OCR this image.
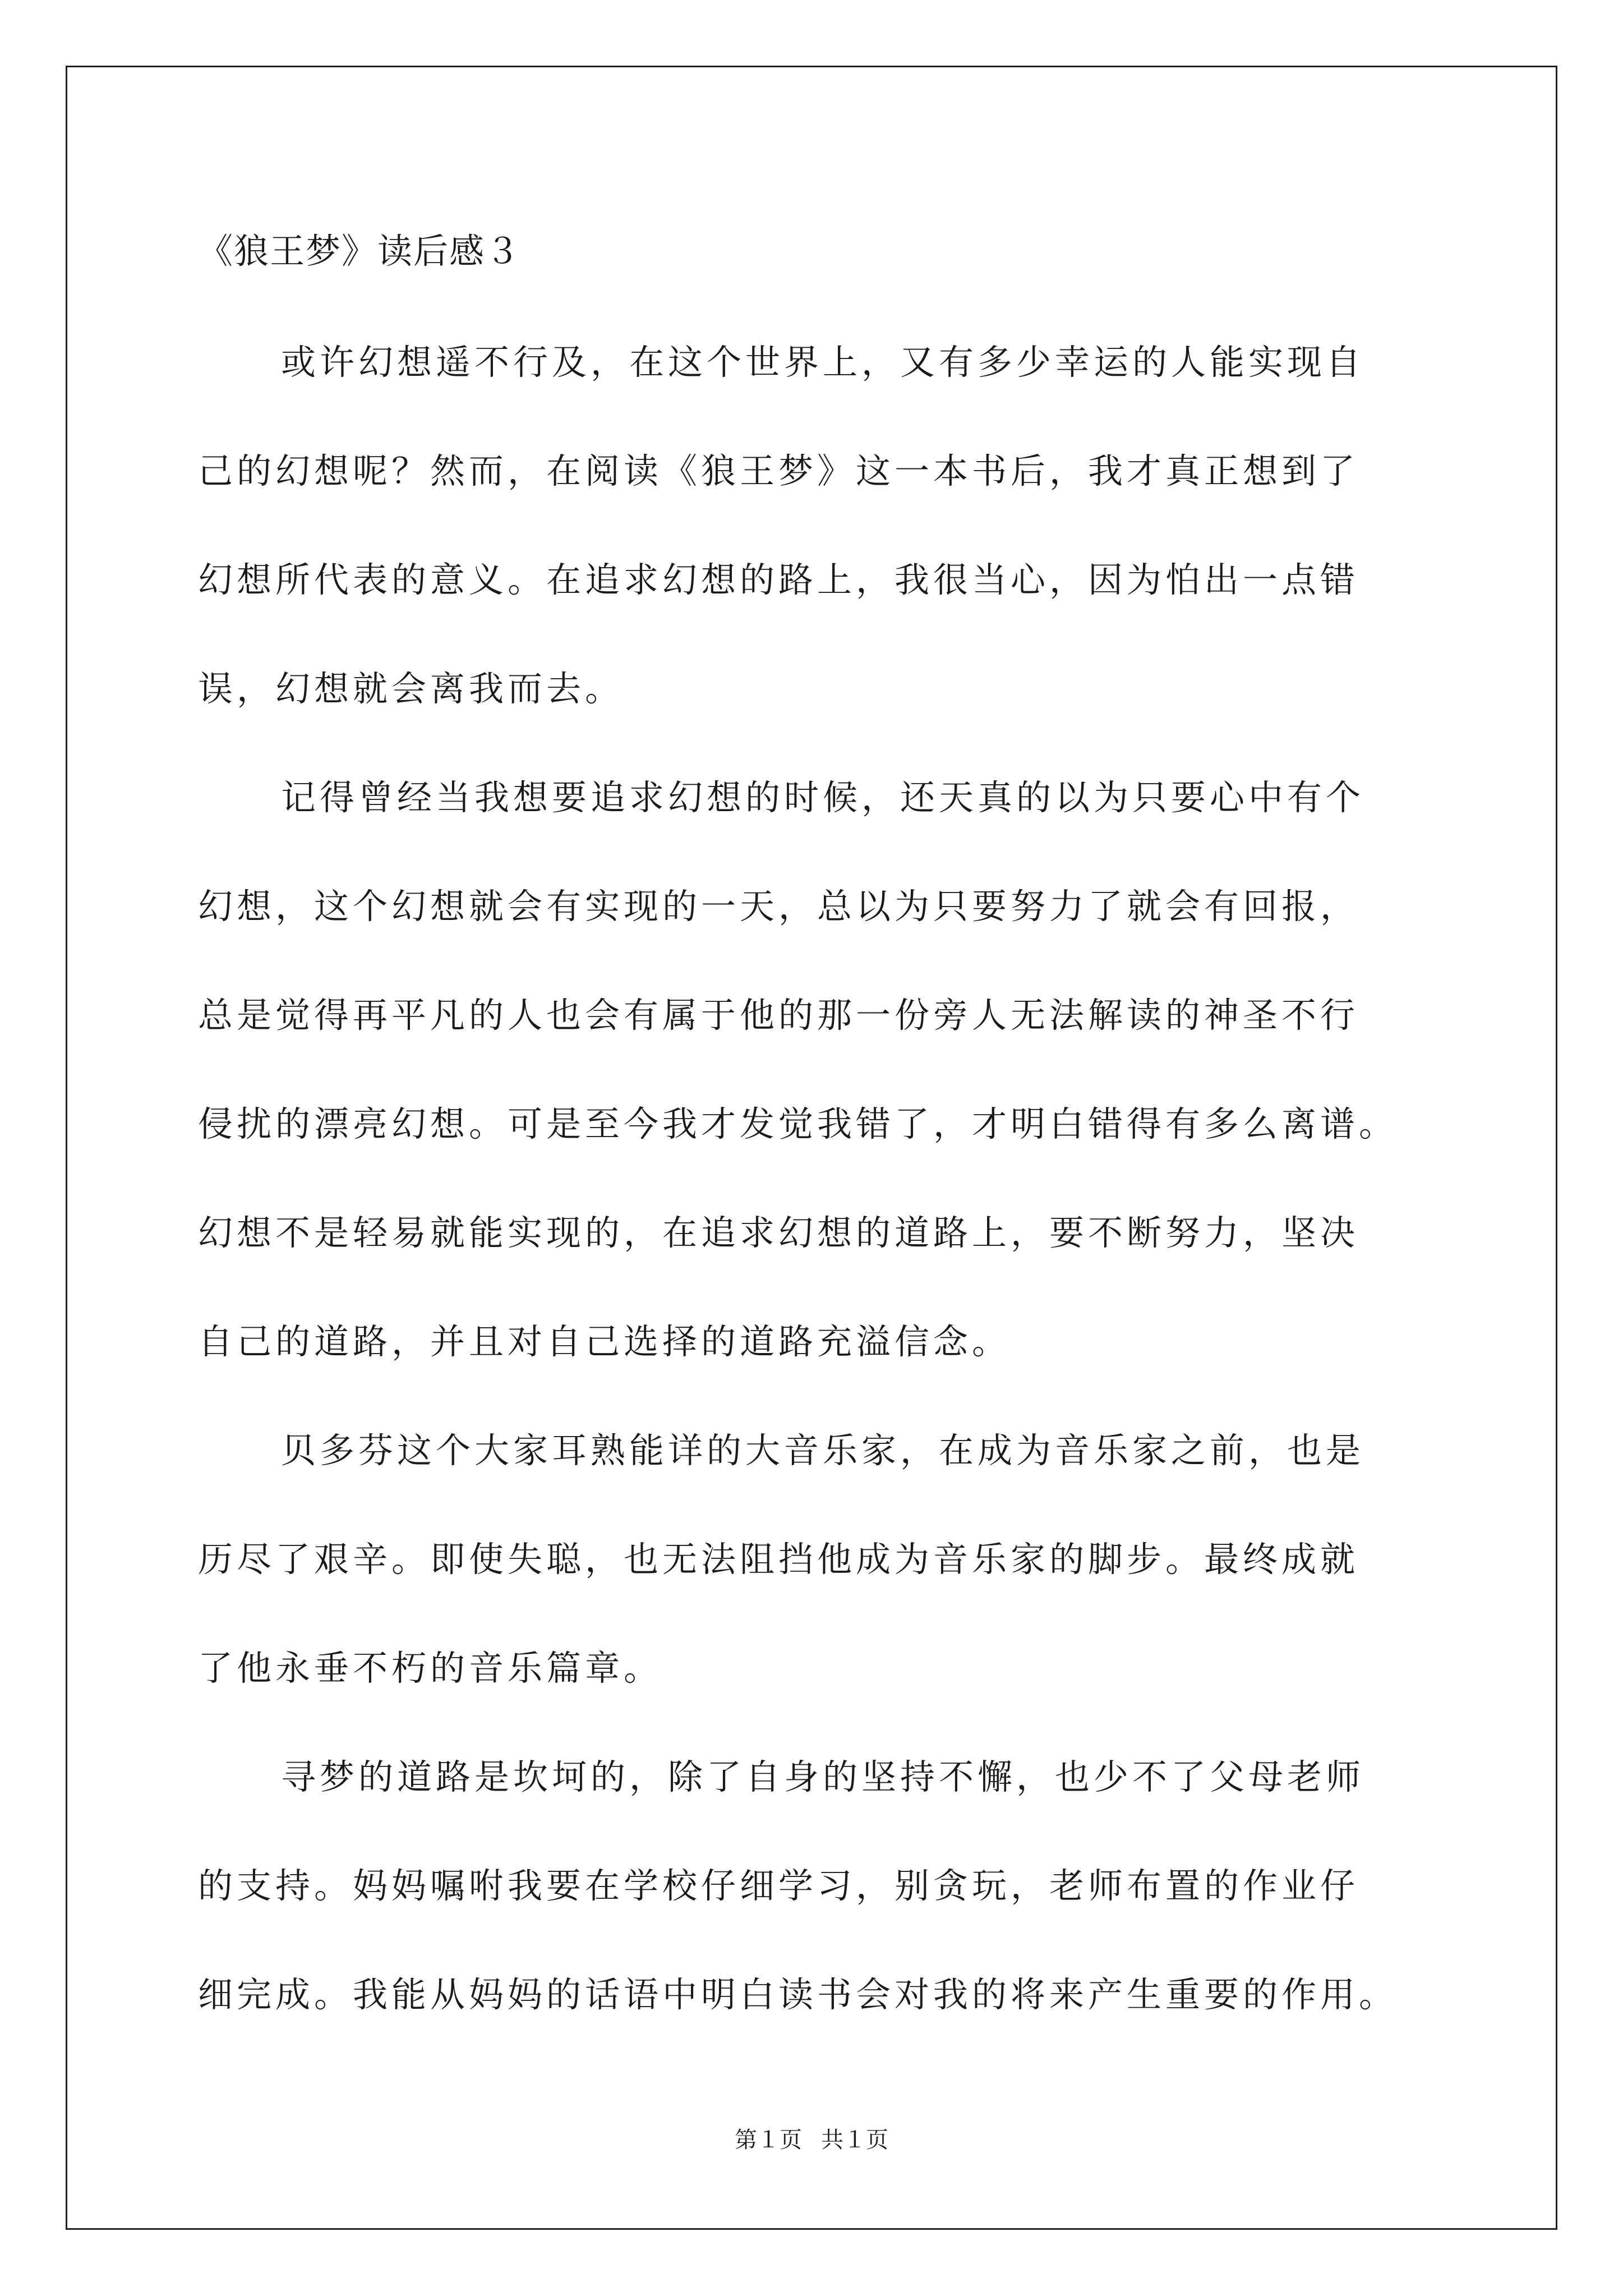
《狼王梦》读后感３

或许幻想遥不行及，在这个世界上，又有多少幸运的人能实现自

己的幻想呢？然而，在阅读《狼王梦》这一本书后，我才真正想到了

幻想所代表的意义。在追求幻想的路上，我很当心，因为怕出一点错

误，幻想就会离我而去。

记得曾经当我想要追求幻想的时候，还天真的以为只要心中有个

幻想，这个幻想就会有实现的一天，总以为只要努力了就会有回报，

总是觉得再平凡的人也会有属于他的那一份旁人无法解读的神圣不行

侵扰的漂亮幻想。可是至今我才发觉我错了，才明白错得有多么离谱。

幻想不是轻易就能实现的，在追求幻想的道路上，要不断努力，坚决

自己的道路，并且对自己选择的道路充溢信念。

贝多芬这个大家耳熟能详的大音乐家，在成为音乐家之前，也是

历尽了艰辛。即使失聪，也无法阻挡他成为音乐家的脚步。最终成就

了他永垂不朽的音乐篇章。

寻梦的道路是坎坷的，除了自身的坚持不懈，也少不了父母老师

的支持。妈妈嘱咐我要在学校仔细学习，别贪玩，老师布置的作业仔

细完成。我能从妈妈的话语中明白读书会对我的将来产生重要的作用。

第１页 共１页
